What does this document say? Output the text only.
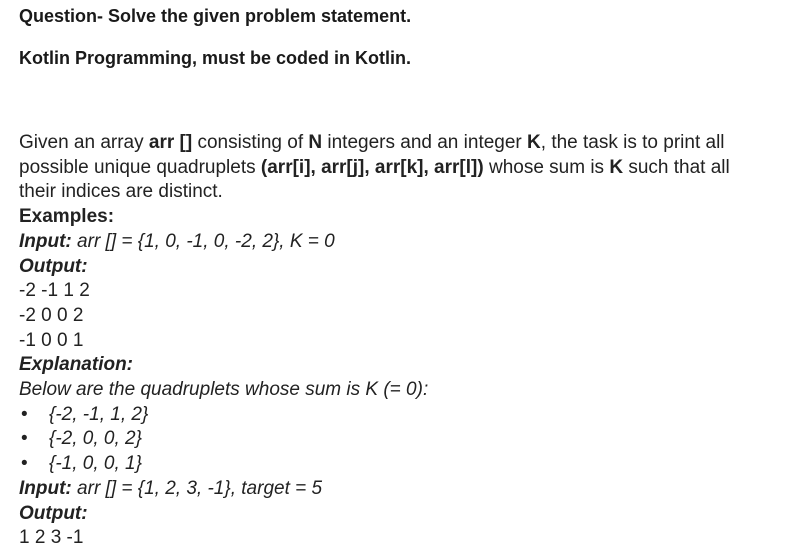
Question- Solve the given problem statement.
Kotlin Programming, must be coded in Kotlin.

Given an array arr [] consisting of N integers and an integer K, the task is to print all possible unique quadruplets (arr[i], arr[j], arr[k], arr[l]) whose sum is K such that all their indices are distinct.

Examples:
Input: arr [] = {1, 0, -1, 0, -2, 2}, K = 0
Output:
-2 -1 1 2
-2 0 0 2
-1 0 0 1
Explanation:
Below are the quadruplets whose sum is K (= 0):
• {-2, -1, 1, 2}
• {-2, 0, 0, 2}
• {-1, 0, 0, 1}
Input: arr [] = {1, 2, 3, -1}, target = 5
Output:
1 2 3 -1
